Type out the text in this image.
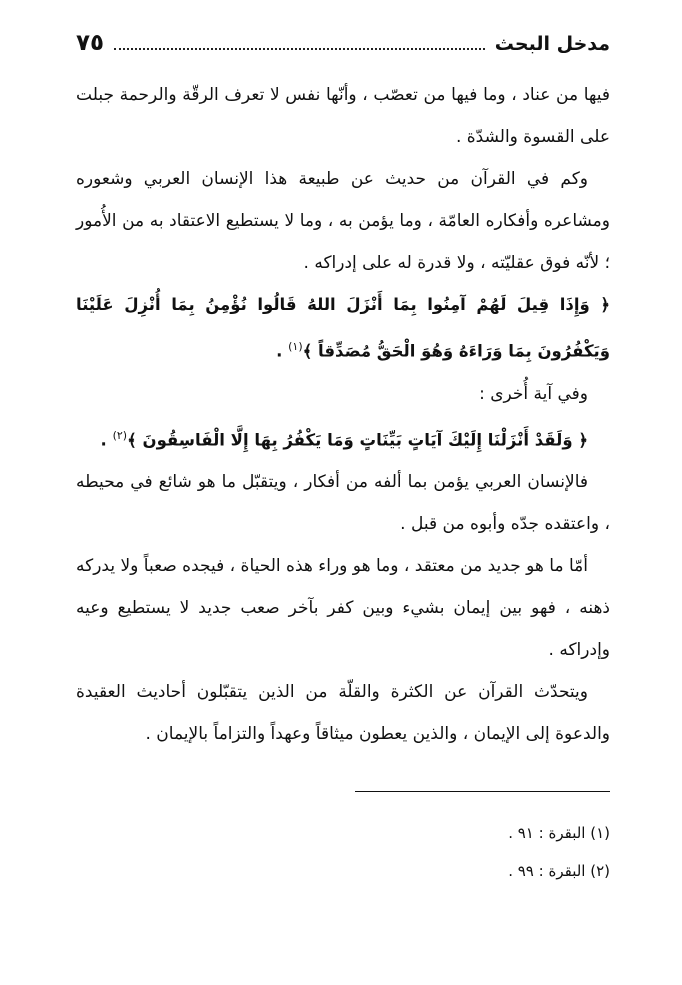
مدخل البحث
٧٥

فيها من عناد ، وما فيها من تعصّب ، وأنّها نفس لا تعرف الرقّة والرحمة جبلت على القسوة والشدّة .

وكم في القرآن من حديث عن طبيعة هذا الإنسان العربي وشعوره ومشاعره وأفكاره العامّة ، وما يؤمن به ، وما لا يستطيع الاعتقاد به من الأُمور ؛ لأنّه فوق عقليّته ، ولا قدرة له على إدراكه .

﴿ وَإِذَا قِيلَ لَهُمْ آمِنُوا بِمَا أَنْزَلَ اللهُ قَالُوا نُؤْمِنُ بِمَا أُنْزِلَ عَلَيْنَا وَيَكْفُرُونَ بِمَا وَرَاءَهُ وَهُوَ الْحَقُّ مُصَدِّقاً ﴾$^{(١)}$ .

وفي آية أُخرى :

﴿ وَلَقَدْ أَنْزَلْنَا إِلَيْكَ آيَاتٍ بَيِّنَاتٍ وَمَا يَكْفُرُ بِهَا إِلَّا الْفَاسِقُونَ ﴾$^{(٢)}$ .

فالإنسان العربي يؤمن بما ألفه من أفكار ، ويتقبّل ما هو شائع في محيطه ، واعتقده جدّه وأبوه من قبل .

أمّا ما هو جديد من معتقد ، وما هو وراء هذه الحياة ، فيجده صعباً ولا يدركه ذهنه ، فهو بين إيمان بشيء وبين كفر بآخر صعب جديد لا يستطيع وعيه وإدراكه .

ويتحدّث القرآن عن الكثرة والقلّة من الذين يتقبّلون أحاديث العقيدة والدعوة إلى الإيمان ، والذين يعطون ميثاقاً وعهداً والتزاماً بالإيمان .

(١) البقرة : ٩١ .

(٢) البقرة : ٩٩ .
